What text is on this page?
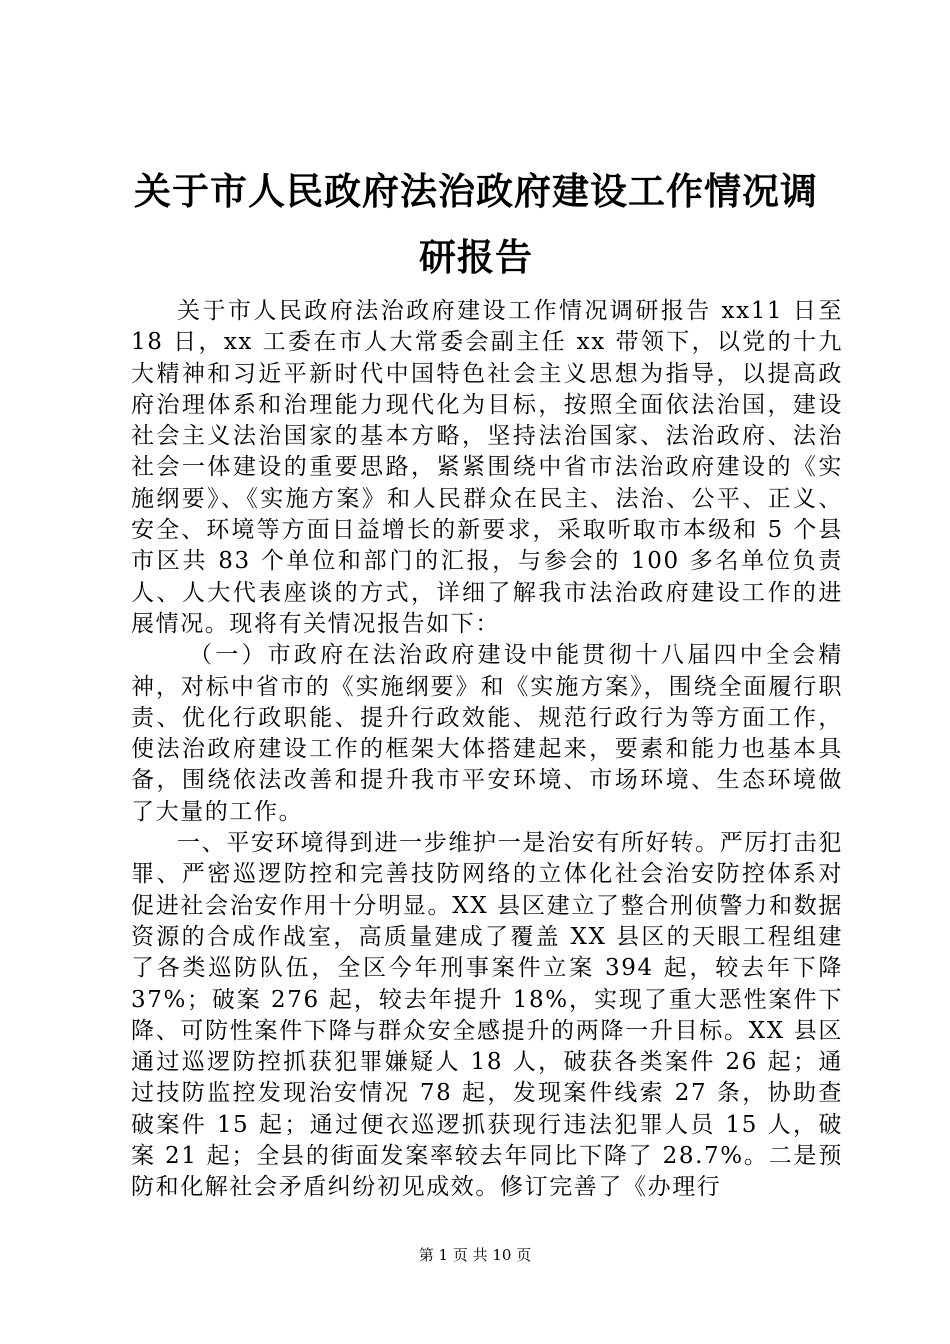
关于市人民政府法治政府建设工作情况调研报告

关于市人民政府法治政府建设工作情况调研报告 xx11 日至18 日，xx 工委在市人大常委会副主任 xx 带领下，以党的十九大精神和习近平新时代中国特色社会主义思想为指导，以提高政府治理体系和治理能力现代化为目标，按照全面依法治国，建设社会主义法治国家的基本方略，坚持法治国家、法治政府、法治社会一体建设的重要思路，紧紧围绕中省市法治政府建设的《实施纲要》、《实施方案》和人民群众在民主、法治、公平、正义、安全、环境等方面日益增长的新要求，采取听取市本级和 5 个县市区共 83 个单位和部门的汇报，与参会的 100 多名单位负责人、人大代表座谈的方式，详细了解我市法治政府建设工作的进展情况。现将有关情况报告如下：

（一）市政府在法治政府建设中能贯彻十八届四中全会精神，对标中省市的《实施纲要》和《实施方案》，围绕全面履行职责、优化行政职能、提升行政效能、规范行政行为等方面工作，使法治政府建设工作的框架大体搭建起来，要素和能力也基本具备，围绕依法改善和提升我市平安环境、市场环境、生态环境做了大量的工作。

一、平安环境得到进一步维护一是治安有所好转。严厉打击犯罪、严密巡逻防控和完善技防网络的立体化社会治安防控体系对促进社会治安作用十分明显。XX 县区建立了整合刑侦警力和数据资源的合成作战室，高质量建成了覆盖 XX 县区的天眼工程组建了各类巡防队伍，全区今年刑事案件立案 394 起，较去年下降 37%；破案 276 起，较去年提升 18%，实现了重大恶性案件下降、可防性案件下降与群众安全感提升的两降一升目标。XX 县区通过巡逻防控抓获犯罪嫌疑人 18 人，破获各类案件 26 起；通过技防监控发现治安情况 78 起，发现案件线索 27 条，协助查破案件 15 起；通过便衣巡逻抓获现行违法犯罪人员 15 人，破案 21 起；全县的街面发案率较去年同比下降了 28.7%。二是预防和化解社会矛盾纠纷初见成效。修订完善了《办理行

第 1 页 共 10 页
